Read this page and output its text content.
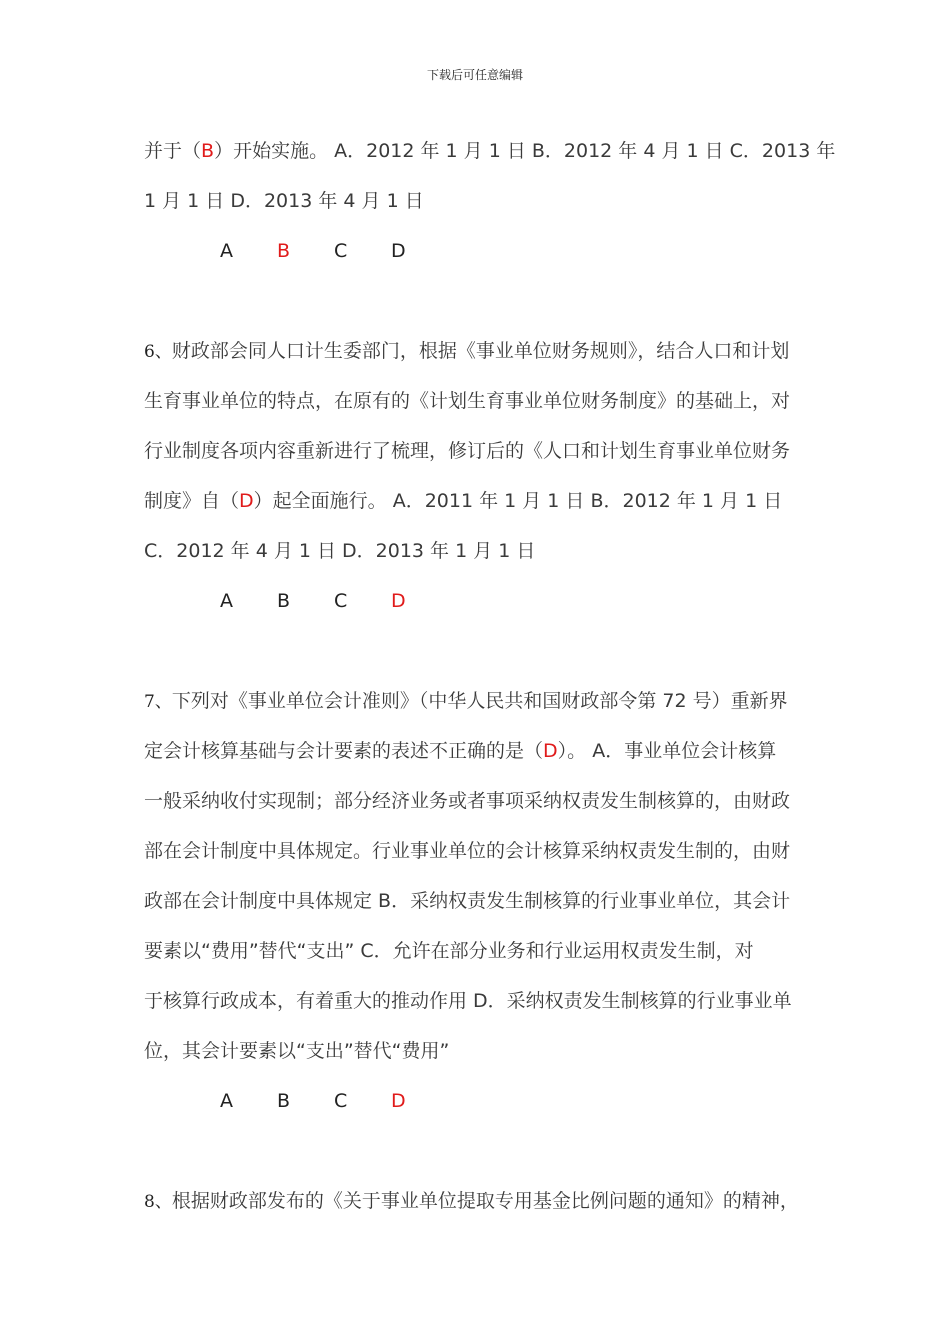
下载后可任意编辑
并于（B）开始实施。 A．2012 年 1 月 1 日 B．2012 年 4 月 1 日 C．2013 年
1 月 1 日 D．2013 年 4 月 1 日
A B C D
6、财政部会同人口计生委部门，根据《事业单位财务规则》，结合人口和计划
生育事业单位的特点，在原有的《计划生育事业单位财务制度》的基础上，对
行业制度各项内容重新进行了梳理，修订后的《人口和计划生育事业单位财务
制度》自（D）起全面施行。 A．2011 年 1 月 1 日 B．2012 年 1 月 1 日
C．2012 年 4 月 1 日 D．2013 年 1 月 1 日
A B C D
7、下列对《事业单位会计准则》（中华人民共和国财政部令第 72 号）重新界
定会计核算基础与会计要素的表述不正确的是（D）。 A．事业单位会计核算
一般采纳收付实现制；部分经济业务或者事项采纳权责发生制核算的，由财政
部在会计制度中具体规定。行业事业单位的会计核算采纳权责发生制的，由财
政部在会计制度中具体规定 B．采纳权责发生制核算的行业事业单位，其会计
要素以“费用”替代“支出” C．允许在部分业务和行业运用权责发生制，对
于核算行政成本，有着重大的推动作用 D．采纳权责发生制核算的行业事业单
位，其会计要素以“支出”替代“费用”
A B C D
8、根据财政部发布的《关于事业单位提取专用基金比例问题的通知》的精神，
